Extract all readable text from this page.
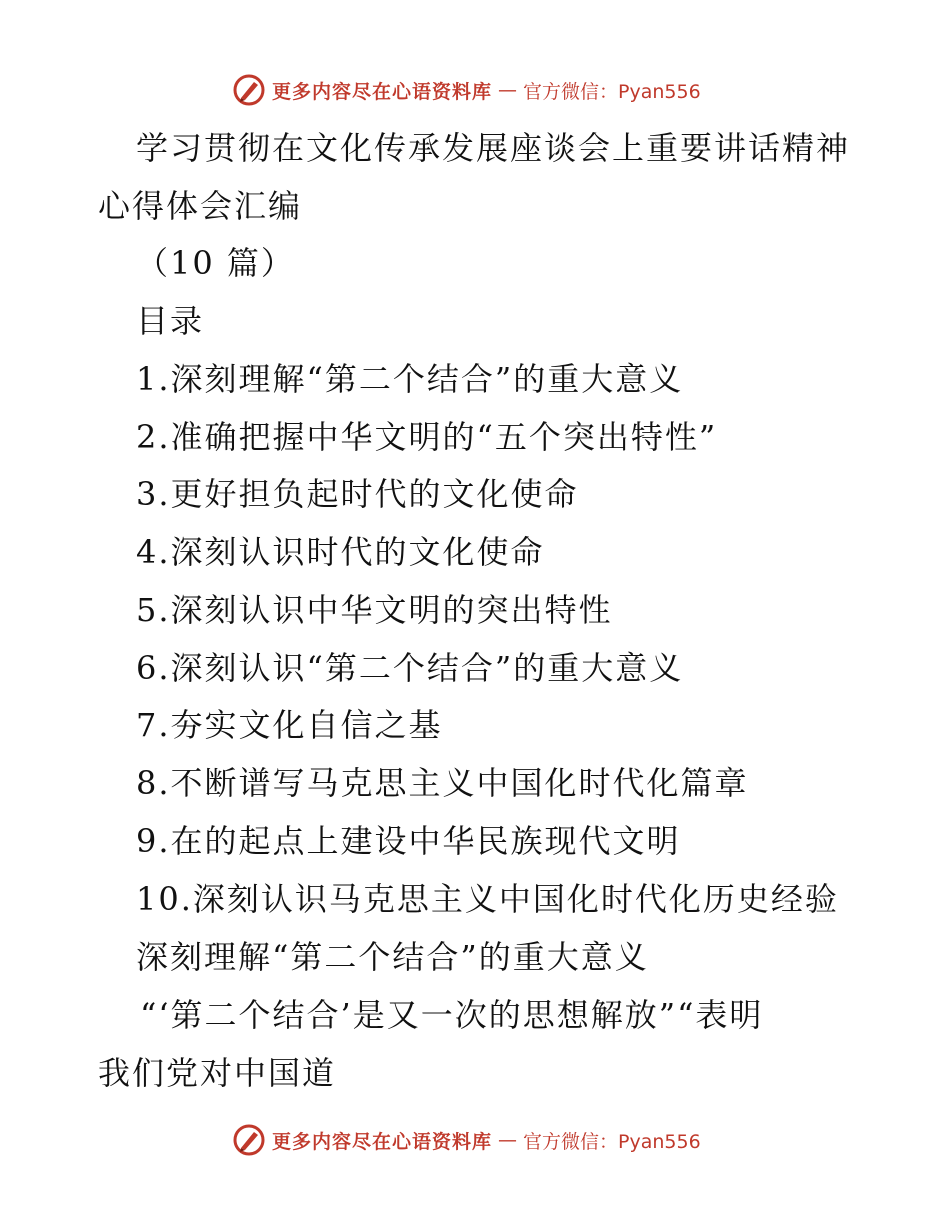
更多内容尽在心语资料库 — 官方微信：Pyan556
学习贯彻在文化传承发展座谈会上重要讲话精神
心得体会汇编
（10 篇）
目录
1.深刻理解“第二个结合”的重大意义
2.准确把握中华文明的“五个突出特性”
3.更好担负起时代的文化使命
4.深刻认识时代的文化使命
5.深刻认识中华文明的突出特性
6.深刻认识“第二个结合”的重大意义
7.夯实文化自信之基
8.不断谱写马克思主义中国化时代化篇章
9.在的起点上建设中华民族现代文明
10.深刻认识马克思主义中国化时代化历史经验
深刻理解“第二个结合”的重大意义
“‘第二个结合’是又一次的思想解放”“表明
我们党对中国道
更多内容尽在心语资料库 — 官方微信：Pyan556
